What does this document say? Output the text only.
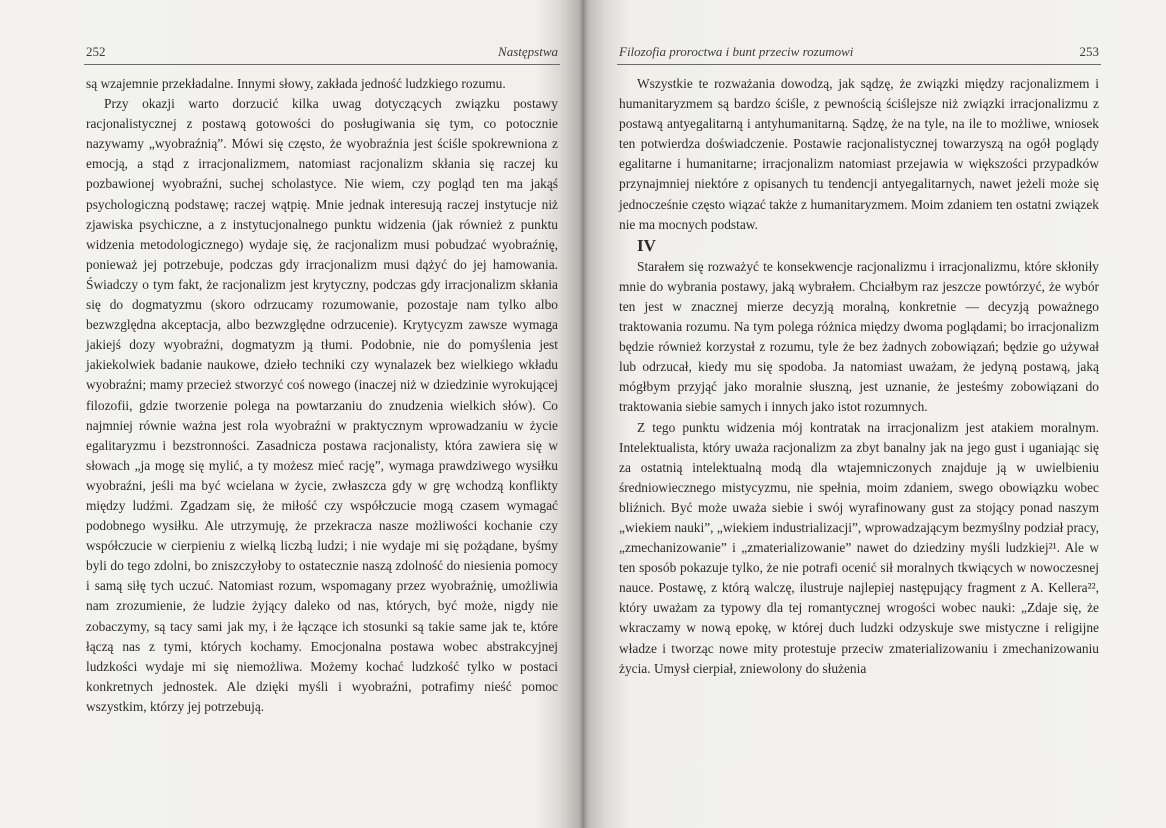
252	Następstwa

są wzajemnie przekładalne. Innymi słowy, zakłada jedność ludzkiego rozumu.

Przy okazji warto dorzucić kilka uwag dotyczących związku postawy racjonalistycznej z postawą gotowości do posługiwania się tym, co potocznie nazywamy „wyobraźnią”. Mówi się często, że wyobraźnia jest ściśle spokrewniona z emocją, a stąd z irracjonalizmem, natomiast racjonalizm skłania się raczej ku pozbawionej wyobraźni, suchej scholastyce. Nie wiem, czy pogląd ten ma jakąś psychologiczną podstawę; raczej wątpię. Mnie jednak interesują raczej instytucje niż zjawiska psychiczne, a z instytucjonalnego punktu widzenia (jak również z punktu widzenia metodologicznego) wydaje się, że racjonalizm musi pobudzać wyobraźnię, ponieważ jej potrzebuje, podczas gdy irracjonalizm musi dążyć do jej hamowania. Świadczy o tym fakt, że racjonalizm jest krytyczny, podczas gdy irracjonalizm skłania się do dogmatyzmu (skoro odrzucamy rozumowanie, pozostaje nam tylko albo bezwzględna akceptacja, albo bezwzględne odrzucenie). Krytycyzm zawsze wymaga jakiejś dozy wyobraźni, dogmatyzm ją tłumi. Podobnie, nie do pomyślenia jest jakiekolwiek badanie naukowe, dzieło techniki czy wynalazek bez wielkiego wkładu wyobraźni; mamy przecież stworzyć coś nowego (inaczej niż w dziedzinie wyrokującej filozofii, gdzie tworzenie polega na powtarzaniu do znudzenia wielkich słów). Co najmniej równie ważna jest rola wyobraźni w praktycznym wprowadzaniu w życie egalitaryzmu i bezstronności. Zasadnicza postawa racjonalisty, która zawiera się w słowach „ja mogę się mylić, a ty możesz mieć rację”, wymaga prawdziwego wysiłku wyobraźni, jeśli ma być wcielana w życie, zwłaszcza gdy w grę wchodzą konflikty między ludźmi. Zgadzam się, że miłość czy współczucie mogą czasem wymagać podobnego wysiłku. Ale utrzymuję, że przekracza nasze możliwości kochanie czy współczucie w cierpieniu z wielką liczbą ludzi; i nie wydaje mi się pożądane, byśmy byli do tego zdolni, bo zniszczyłoby to ostatecznie naszą zdolność do niesienia pomocy i samą siłę tych uczuć. Natomiast rozum, wspomagany przez wyobraźnię, umożliwia nam zrozumienie, że ludzie żyjący daleko od nas, których, być może, nigdy nie zobaczymy, są tacy sami jak my, i że łączące ich stosunki są takie same jak te, które łączą nas z tymi, których kochamy. Emocjonalna postawa wobec abstrakcyjnej ludzkości wydaje mi się niemożliwa. Możemy kochać ludzkość tylko w postaci konkretnych jednostek. Ale dzięki myśli i wyobraźni, potrafimy nieść pomoc wszystkim, którzy jej potrzebują.

Filozofia proroctwa i bunt przeciw rozumowi	253

Wszystkie te rozważania dowodzą, jak sądzę, że związki między racjonalizmem i humanitaryzmem są bardzo ściśle, z pewnością ściślejsze niż związki irracjonalizmu z postawą antyegalitarną i antyhumanitarną. Sądzę, że na tyle, na ile to możliwe, wniosek ten potwierdza doświadczenie. Postawie racjonalistycznej towarzyszą na ogół poglądy egalitarne i humanitarne; irracjonalizm natomiast przejawia w większości przypadków przynajmniej niektóre z opisanych tu tendencji antyegalitarnych, nawet jeżeli może się jednocześnie często wiązać także z humanitaryzmem. Moim zdaniem ten ostatni związek nie ma mocnych podstaw.

IV

Starałem się rozważyć te konsekwencje racjonalizmu i irracjonalizmu, które skłoniły mnie do wybrania postawy, jaką wybrałem. Chciałbym raz jeszcze powtórzyć, że wybór ten jest w znacznej mierze decyzją moralną, konkretnie — decyzją poważnego traktowania rozumu. Na tym polega różnica między dwoma poglądami; bo irracjonalizm będzie również korzystał z rozumu, tyle że bez żadnych zobowiązań; będzie go używał lub odrzucał, kiedy mu się spodoba. Ja natomiast uważam, że jedyną postawą, jaką mógłbym przyjąć jako moralnie słuszną, jest uznanie, że jesteśmy zobowiązani do traktowania siebie samych i innych jako istot rozumnych.

Z tego punktu widzenia mój kontratak na irracjonalizm jest atakiem moralnym. Intelektualista, który uważa racjonalizm za zbyt banalny jak na jego gust i uganiając się za ostatnią intelektualną modą dla wtajemniczonych znajduje ją w uwielbieniu średniowiecznego mistycyzmu, nie spełnia, moim zdaniem, swego obowiązku wobec bliźnich. Być może uważa siebie i swój wyrafinowany gust za stojący ponad naszym „wiekiem nauki”, „wiekiem industrializacji”, wprowadzającym bezmyślny podział pracy, „zmechanizowanie” i „zmaterializowanie” nawet do dziedziny myśli ludzkiej²¹. Ale w ten sposób pokazuje tylko, że nie potrafi ocenić sił moralnych tkwiących w nowoczesnej nauce. Postawę, z którą walczę, ilustruje najlepiej następujący fragment z A. Kellera²², który uważam za typowy dla tej romantycznej wrogości wobec nauki: „Zdaje się, że wkraczamy w nową epokę, w której duch ludzki odzyskuje swe mistyczne i religijne władze i tworząc nowe mity protestuje przeciw zmaterializowaniu i zmechanizowaniu życia. Umysł cierpiał, zniewolony do służenia
